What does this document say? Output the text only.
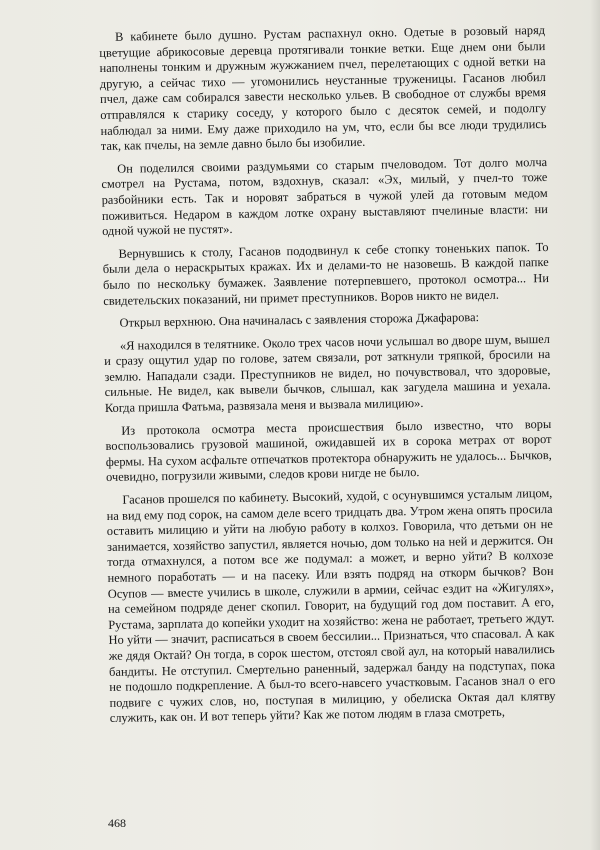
В кабинете было душно. Рустам распахнул окно. Одетые в розовый наряд цветущие абрикосовые деревца протягивали тонкие ветки. Еще днем они были наполнены тонким и дружным жужжанием пчел, перелетающих с одной ветки на другую, а сейчас тихо — угомонились неустанные труженицы. Гасанов любил пчел, даже сам собирался завести несколько ульев. В свободное от службы время отправлялся к старику соседу, у которого было с десяток семей, и подолгу наблюдал за ними. Ему даже приходило на ум, что, если бы все люди трудились так, как пчелы, на земле давно было бы изобилие.

Он поделился своими раздумьями со старым пчеловодом. Тот долго молча смотрел на Рустама, потом, вздохнув, сказал: «Эх, милый, у пчел-то тоже разбойники есть. Так и норовят забраться в чужой улей да готовым медом поживиться. Недаром в каждом лотке охрану выставляют пчелиные власти: ни одной чужой не пустят».

Вернувшись к столу, Гасанов пододвинул к себе стопку тоненьких папок. То были дела о нераскрытых кражах. Их и делами-то не назовешь. В каждой папке было по нескольку бумажек. Заявление потерпевшего, протокол осмотра... Ни свидетельских показаний, ни примет преступников. Воров никто не видел.

Открыл верхнюю. Она начиналась с заявления сторожа Джафарова:

«Я находился в телятнике. Около трех часов ночи услышал во дворе шум, вышел и сразу ощутил удар по голове, затем связали, рот заткнули тряпкой, бросили на землю. Нападали сзади. Преступников не видел, но почувствовал, что здоровые, сильные. Не видел, как вывели бычков, слышал, как загудела машина и уехала. Когда пришла Фатьма, развязала меня и вызвала милицию».

Из протокола осмотра места происшествия было известно, что воры воспользовались грузовой машиной, ожидавшей их в сорока метрах от ворот фермы. На сухом асфальте отпечатков протектора обнаружить не удалось... Бычков, очевидно, погрузили живыми, следов крови нигде не было.

Гасанов прошелся по кабинету. Высокий, худой, с осунувшимся усталым лицом, на вид ему под сорок, на самом деле всего тридцать два. Утром жена опять просила оставить милицию и уйти на любую работу в колхоз. Говорила, что детьми он не занимается, хозяйство запустил, является ночью, дом только на ней и держится. Он тогда отмахнулся, а потом все же подумал: а может, и верно уйти? В колхозе немного поработать — и на пасеку. Или взять подряд на откорм бычков? Вон Осупов — вместе учились в школе, служили в армии, сейчас ездит на «Жигулях», на семейном подряде денег скопил. Говорит, на будущий год дом поставит. А его, Рустама, зарплата до копейки уходит на хозяйство: жена не работает, третьего ждут. Но уйти — значит, расписаться в своем бессилии... Признаться, что спасовал. А как же дядя Октай? Он тогда, в сорок шестом, отстоял свой аул, на который навалились бандиты. Не отступил. Смертельно раненный, задержал банду на подступах, пока не подошло подкрепление. А был-то всего-навсего участковым. Гасанов знал о его подвиге с чужих слов, но, поступая в милицию, у обелиска Октая дал клятву служить, как он. И вот теперь уйти? Как же потом людям в глаза смотреть,

468
